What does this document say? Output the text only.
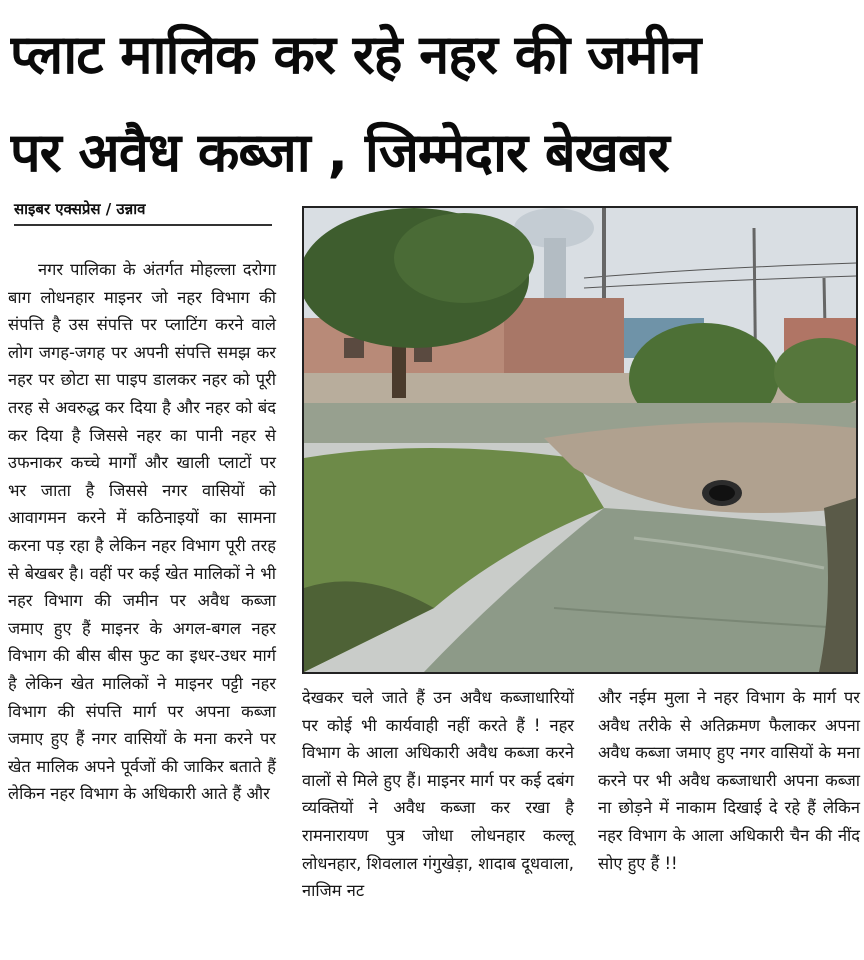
प्लाट मालिक कर रहे नहर की जमीन
पर अवैध कब्जा , जिम्मेदार बेखबर
साइबर एक्सप्रेस / उन्नाव
नगर पालिका के अंतर्गत मोहल्ला दरोगा बाग लोधनहार माइनर जो नहर विभाग की संपत्ति है उस संपत्ति पर प्लाटिंग करने वाले लोग जगह-जगह पर अपनी संपत्ति समझ कर नहर पर छोटा सा पाइप डालकर नहर को पूरी तरह से अवरुद्ध कर दिया है और नहर को बंद कर दिया है जिससे नहर का पानी नहर से उफनाकर कच्चे मार्गों और खाली प्लाटों पर भर जाता है जिससे नगर वासियों को आवागमन करने में कठिनाइयों का सामना करना पड़ रहा है लेकिन नहर विभाग पूरी तरह से बेखबर है। वहीं पर कई खेत मालिकों ने भी नहर विभाग की जमीन पर अवैध कब्जा जमाए हुए हैं माइनर के अगल-बगल नहर विभाग की बीस बीस फुट का इधर-उधर मार्ग है लेकिन खेत मालिकों ने माइनर पट्टी नहर विभाग की संपत्ति मार्ग पर अपना कब्जा जमाए हुए हैं नगर वासियों के मना करने पर खेत मालिक अपने पूर्वजों की जाकिर बताते हैं लेकिन नहर विभाग के अधिकारी आते हैं और
देखकर चले जाते हैं उन अवैध कब्जाधारियों पर कोई भी कार्यवाही नहीं करते हैं ! नहर विभाग के आला अधिकारी अवैध कब्जा करने वालों से मिले हुए हैं। माइनर मार्ग पर कई दबंग व्यक्तियों ने अवैध कब्जा कर रखा है रामनारायण पुत्र जोधा लोधनहार कल्लू लोधनहार, शिवलाल गंगुखेड़ा, शादाब दूधवाला, नाजिम नट
और नईम मुला ने नहर विभाग के मार्ग पर अवैध तरीके से अतिक्रमण फैलाकर अपना अवैध कब्जा जमाए हुए नगर वासियों के मना करने पर भी अवैध कब्जाधारी अपना कब्जा ना छोड़ने में नाकाम दिखाई दे रहे हैं लेकिन नहर विभाग के आला अधिकारी चैन की नींद सोए हुए हैं !!
